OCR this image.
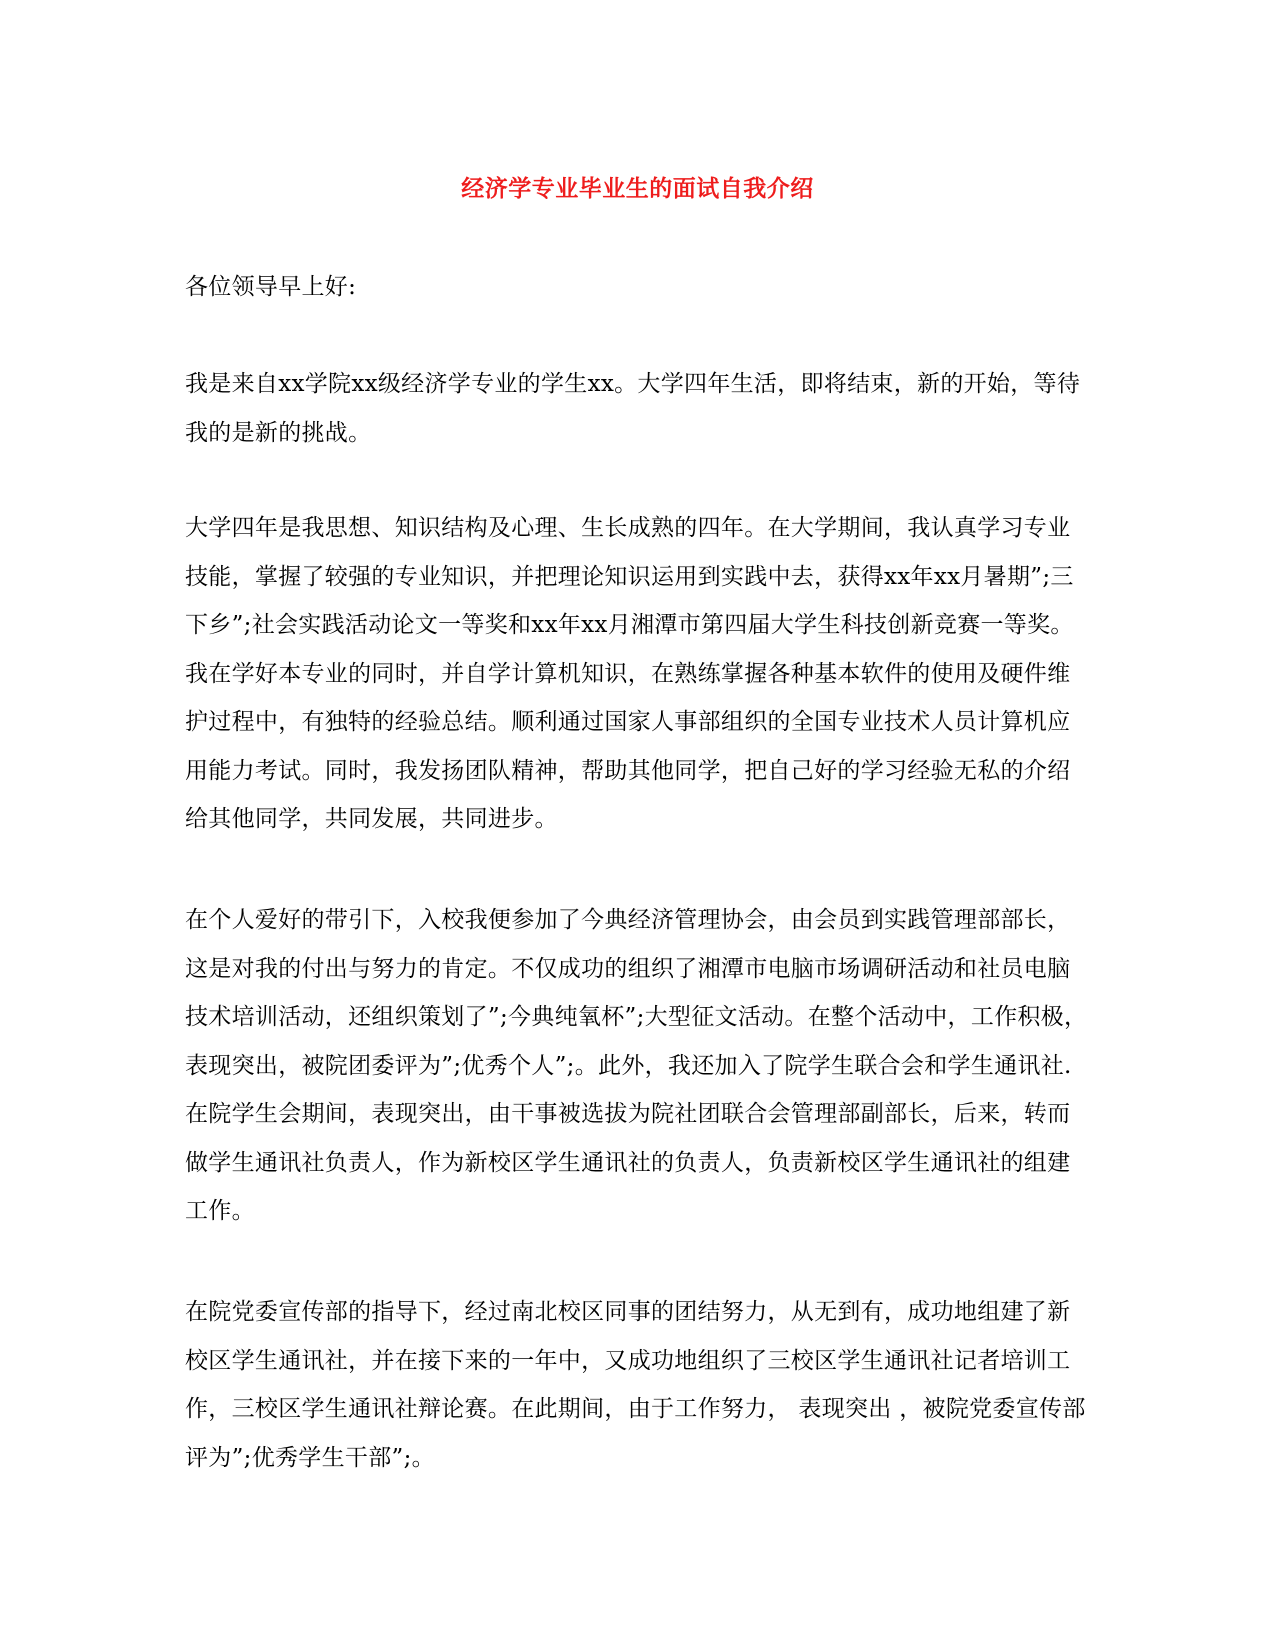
经济学专业毕业生的面试自我介绍

各位领导早上好:

我是来自xx学院xx级经济学专业的学生xx。大学四年生活，即将结束，新的开始，等待我的是新的挑战。

大学四年是我思想、知识结构及心理、生长成熟的四年。在大学期间，我认真学习专业技能，掌握了较强的专业知识，并把理论知识运用到实践中去，获得xx年xx月暑期”;三下乡”;社会实践活动论文一等奖和xx年xx月湘潭市第四届大学生科技创新竞赛一等奖。我在学好本专业的同时，并自学计算机知识，在熟练掌握各种基本软件的使用及硬件维护过程中，有独特的经验总结。顺利通过国家人事部组织的全国专业技术人员计算机应用能力考试。同时，我发扬团队精神，帮助其他同学，把自己好的学习经验无私的介绍给其他同学，共同发展，共同进步。

在个人爱好的带引下，入校我便参加了今典经济管理协会，由会员到实践管理部部长，这是对我的付出与努力的肯定。不仅成功的组织了湘潭市电脑市场调研活动和社员电脑技术培训活动，还组织策划了”;今典纯氧杯”;大型征文活动。在整个活动中，工作积极，表现突出，被院团委评为”;优秀个人”;。此外，我还加入了院学生联合会和学生通讯社.在院学生会期间，表现突出，由干事被选拔为院社团联合会管理部副部长，后来，转而做学生通讯社负责人，作为新校区学生通讯社的负责人，负责新校区学生通讯社的组建工作。

在院党委宣传部的指导下，经过南北校区同事的团结努力，从无到有，成功地组建了新校区学生通讯社，并在接下来的一年中，又成功地组织了三校区学生通讯社记者培训工作，三校区学生通讯社辩论赛。在此期间，由于工作努力， 表现突出 ，被院党委宣传部评为”;优秀学生干部”;。
